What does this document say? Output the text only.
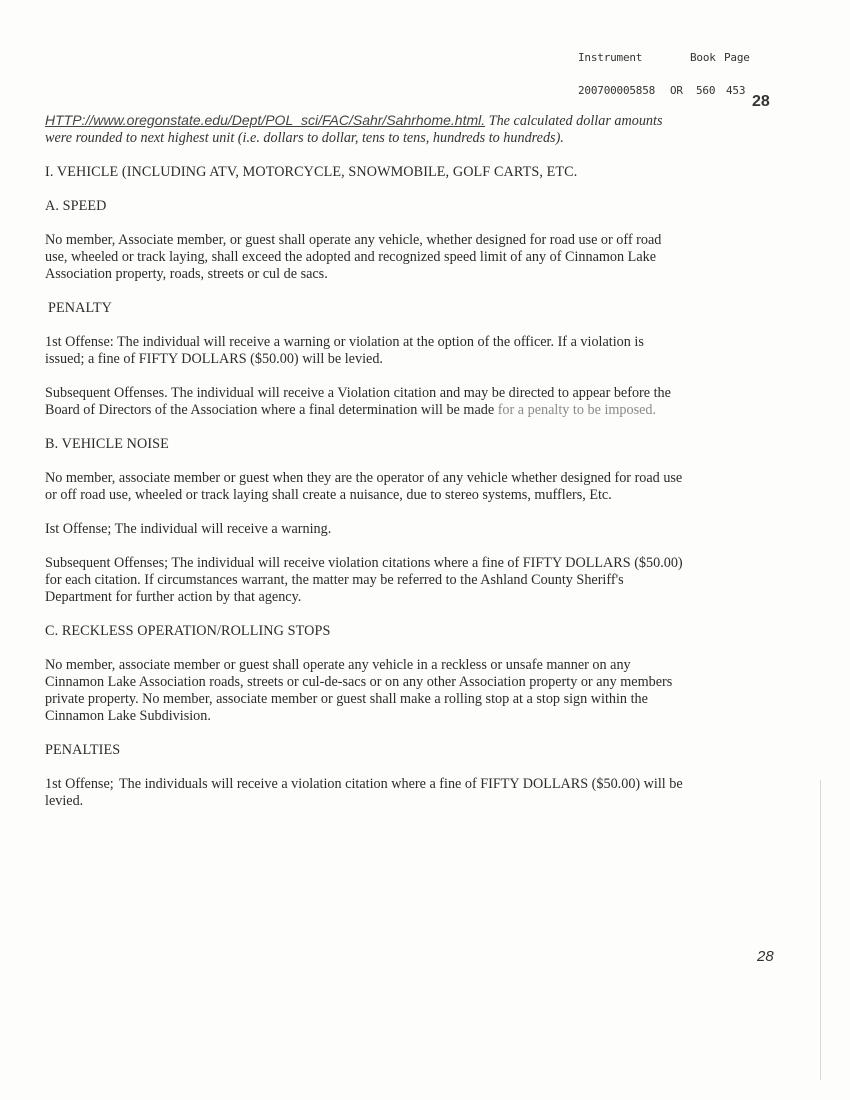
Instrument	Book Page

200700005858	OR	560 453

28

HTTP://www.oregonstate.edu/Dept/POL_sci/FAC/Sahr/Sahrhome.html. The calculated dollar amounts were rounded to next highest unit (i.e. dollars to dollar, tens to tens, hundreds to hundreds).

I. VEHICLE (INCLUDING ATV, MOTORCYCLE, SNOWMOBILE, GOLF CARTS, ETC.
A. SPEED

No member, Associate member, or guest shall operate any vehicle, whether designed for road use or off road use, wheeled or track laying, shall exceed the adopted and recognized speed limit of any of Cinnamon Lake Association property, roads, streets or cul de sacs.

PENALTY

1st Offense: The individual will receive a warning or violation at the option of the officer. If a violation is issued; a fine of FIFTY DOLLARS ($50.00) will be levied.

Subsequent Offenses. The individual will receive a Violation citation and may be directed to appear before the Board of Directors of the Association where a final determination will be made for a penalty to be imposed.

B. VEHICLE NOISE

No member, associate member or guest when they are the operator of any vehicle whether designed for road use or off road use, wheeled or track laying shall create a nuisance, due to stereo systems, mufflers, Etc.

Ist Offense; The individual will receive a warning.

Subsequent Offenses; The individual will receive violation citations where a fine of FIFTY DOLLARS ($50.00) for each citation. If circumstances warrant, the matter may be referred to the Ashland County Sheriff's Department for further action by that agency.

C. RECKLESS OPERATION/ROLLING STOPS

No member, associate member or guest shall operate any vehicle in a reckless or unsafe manner on any Cinnamon Lake Association roads, streets or cul-de-sacs or on any other Association property or any members private property. No member, associate member or guest shall make a rolling stop at a stop sign within the Cinnamon Lake Subdivision.

PENALTIES

1st Offense; The individuals will receive a violation citation where a fine of FIFTY DOLLARS ($50.00) will be levied.

28
